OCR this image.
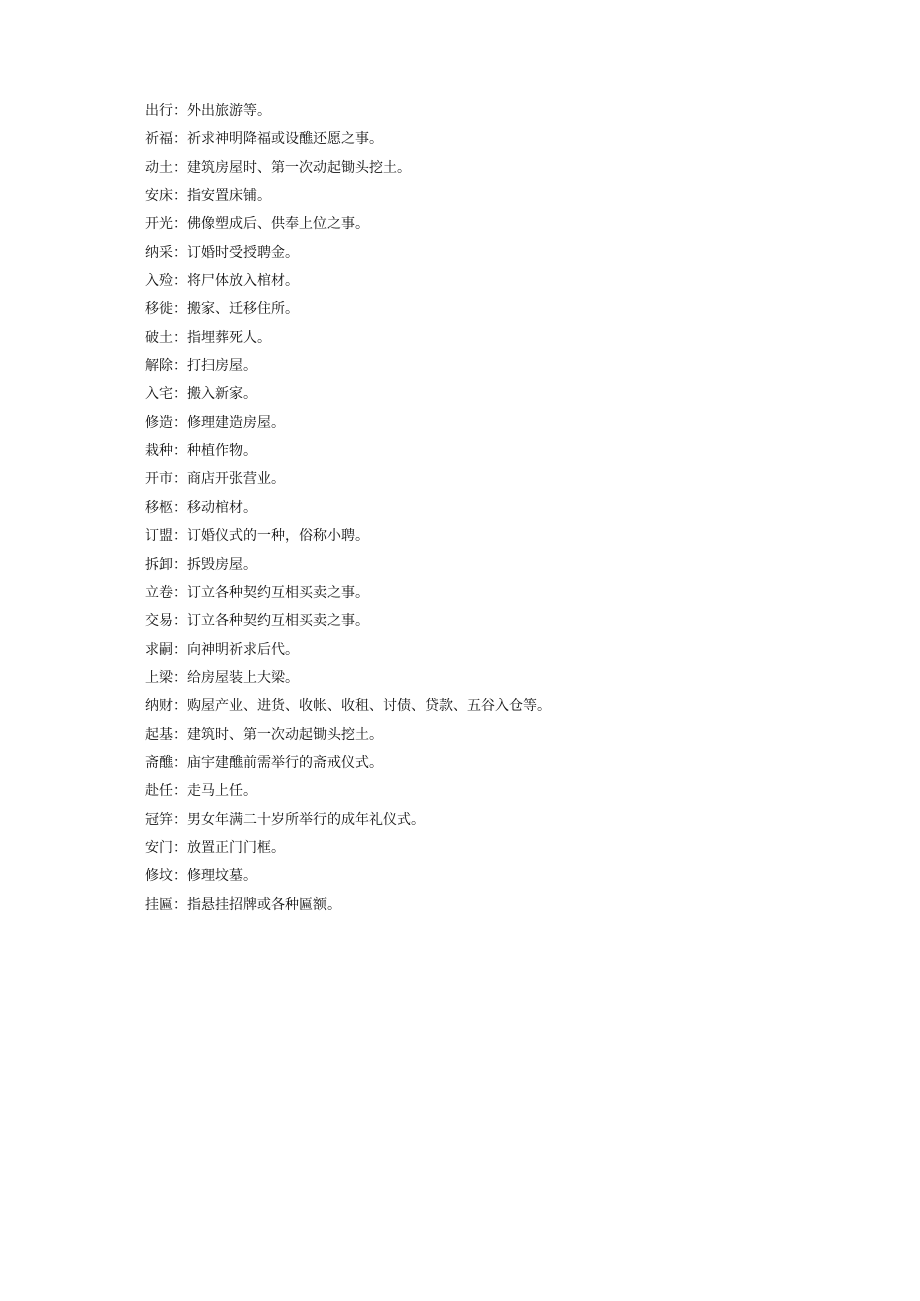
出行：外出旅游等。
祈福：祈求神明降福或设醮还愿之事。
动土：建筑房屋时、第一次动起锄头挖土。
安床：指安置床铺。
开光：佛像塑成后、供奉上位之事。
纳采：订婚时受授聘金。
入殓：将尸体放入棺材。
移徙：搬家、迁移住所。
破土：指埋葬死人。
解除：打扫房屋。
入宅：搬入新家。
修造：修理建造房屋。
栽种：种植作物。
开市：商店开张营业。
移柩：移动棺材。
订盟：订婚仪式的一种，俗称小聘。
拆卸：拆毁房屋。
立卷：订立各种契约互相买卖之事。
交易：订立各种契约互相买卖之事。
求嗣：向神明祈求后代。
上梁：给房屋装上大梁。
纳财：购屋产业、进货、收帐、收租、讨债、贷款、五谷入仓等。
起基：建筑时、第一次动起锄头挖土。
斋醮：庙宇建醮前需举行的斋戒仪式。
赴任：走马上任。
冠笄：男女年满二十岁所举行的成年礼仪式。
安门：放置正门门框。
修坟：修理坟墓。
挂匾：指悬挂招牌或各种匾额。
